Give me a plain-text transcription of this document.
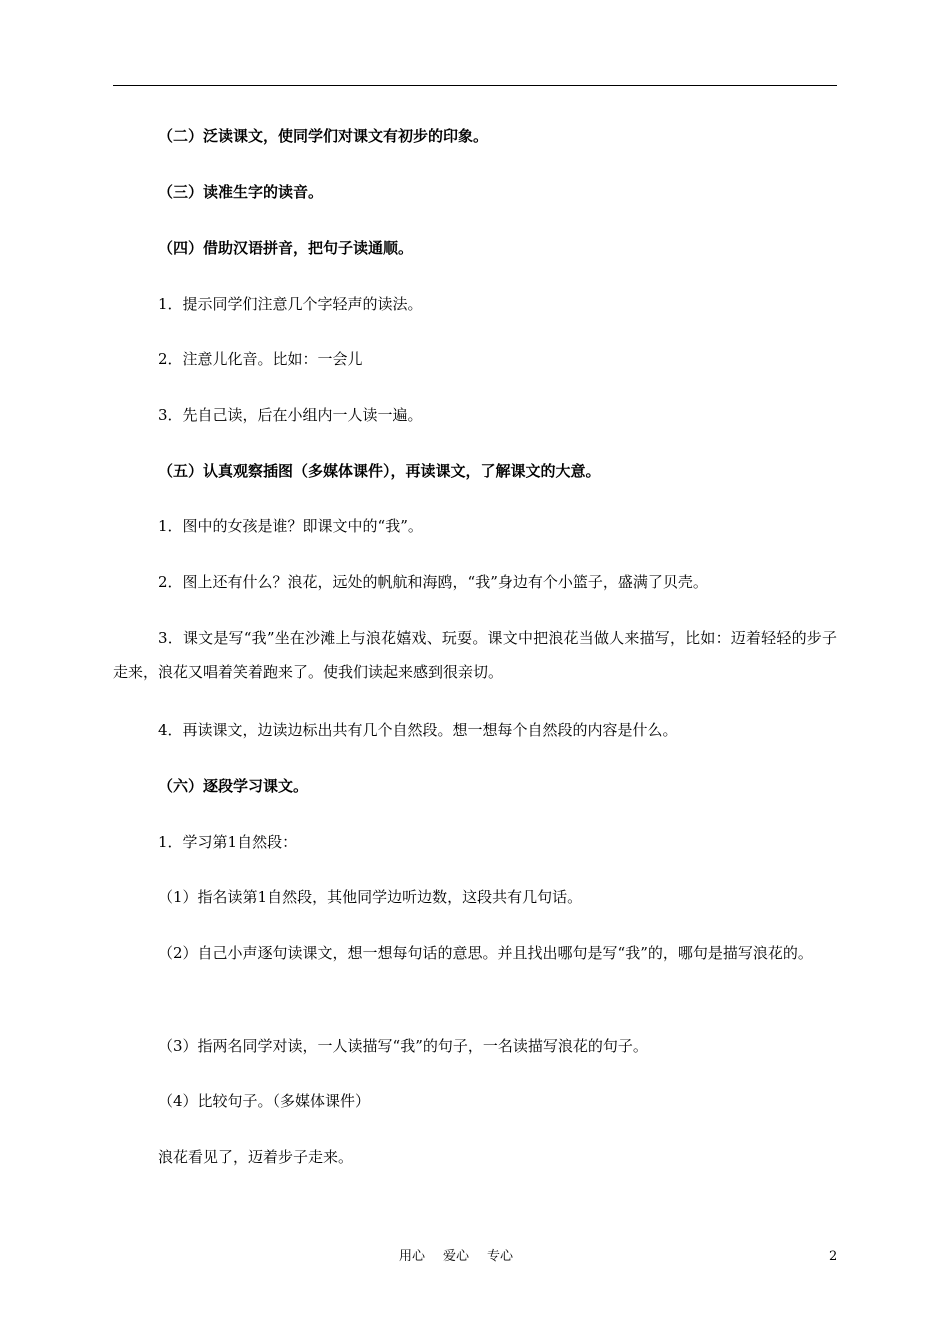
（二）泛读课文，使同学们对课文有初步的印象。
（三）读准生字的读音。
（四）借助汉语拼音，把句子读通顺。
1．提示同学们注意几个字轻声的读法。
2．注意儿化音。比如：一会儿
3．先自己读，后在小组内一人读一遍。
（五）认真观察插图（多媒体课件），再读课文，了解课文的大意。
1．图中的女孩是谁？即课文中的“我”。
2．图上还有什么？浪花，远处的帆航和海鸥，“我”身边有个小篮子，盛满了贝壳。
3．课文是写“我”坐在沙滩上与浪花嬉戏、玩耍。课文中把浪花当做人来描写，比如：迈着轻轻的步子走来，浪花又唱着笑着跑来了。使我们读起来感到很亲切。
4．再读课文，边读边标出共有几个自然段。想一想每个自然段的内容是什么。
（六）逐段学习课文。
1．学习第1自然段：
（1）指名读第1自然段，其他同学边听边数，这段共有几句话。
（2）自己小声逐句读课文，想一想每句话的意思。并且找出哪句是写“我”的，哪句是描写浪花的。
（3）指两名同学对读，一人读描写“我”的句子，一名读描写浪花的句子。
（4）比较句子。（多媒体课件）
浪花看见了，迈着步子走来。
用心 爱心 专心	2
